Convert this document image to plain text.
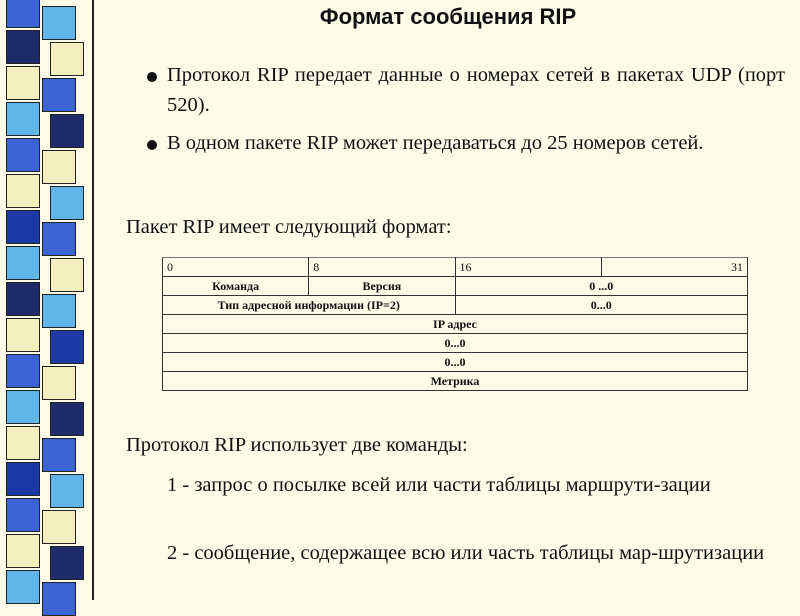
Формат сообщения RIP
Протокол RIP передает данные о номерах сетей в пакетах UDP (порт 520).
В одном пакете RIP может передаваться до 25 номеров сетей.
Пакет RIP имеет следующий формат:
0	8	16	31
Команда	Версия	0 ...0	
Тип адресной информации (IP=2)		0...0	
IP адрес			
0...0			
0...0			
Метрика			
Протокол RIP использует две команды:
1 - запрос о посылке всей или части таблицы маршрути-зации
2 - сообщение, содержащее всю или часть таблицы мар-шрутизации
